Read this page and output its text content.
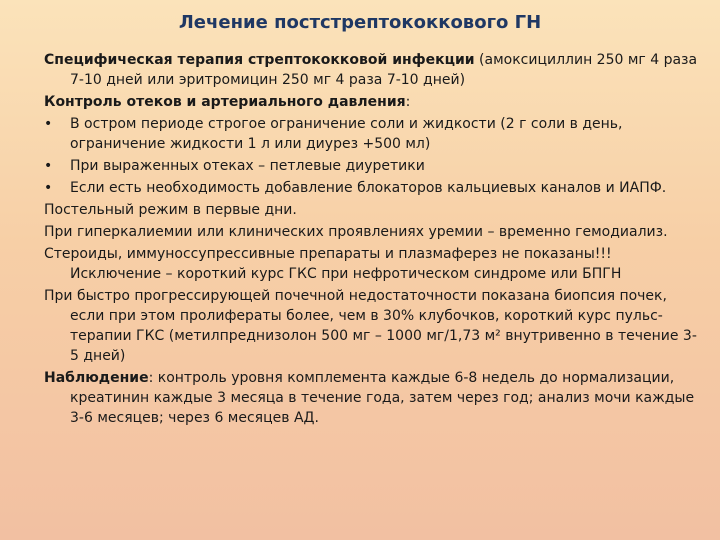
Лечение постстрептококкового ГН

Специфическая терапия стрептококковой инфекции (амоксициллин 250 мг 4 раза 7-10 дней или эритромицин 250 мг 4 раза 7-10 дней)

Контроль отеков и артериального давления:

• В остром периоде строгое ограничение соли и жидкости (2 г соли в день, ограничение жидкости 1 л или диурез +500 мл)
• При выраженных отеках – петлевые диуретики
• Если есть необходимость добавление блокаторов кальциевых каналов и ИАПФ.

Постельный режим в первые дни.

При гиперкалиемии или клинических проявлениях уремии – временно гемодиализ.

Стероиды, иммуноссупрессивные препараты и плазмаферез не показаны!!! Исключение – короткий курс ГКС при нефротическом синдроме или БПГН

При быстро прогрессирующей почечной недостаточности показана биопсия почек, если при этом пролифераты более, чем в 30% клубочков, короткий курс пульс-терапии ГКС (метилпреднизолон 500 мг – 1000 мг/1,73 м² внутривенно в течение 3-5 дней)

Наблюдение: контроль уровня комплемента каждые 6-8 недель до нормализации, креатинин каждые 3 месяца в течение года, затем через год; анализ мочи каждые 3-6 месяцев; через 6 месяцев АД.
